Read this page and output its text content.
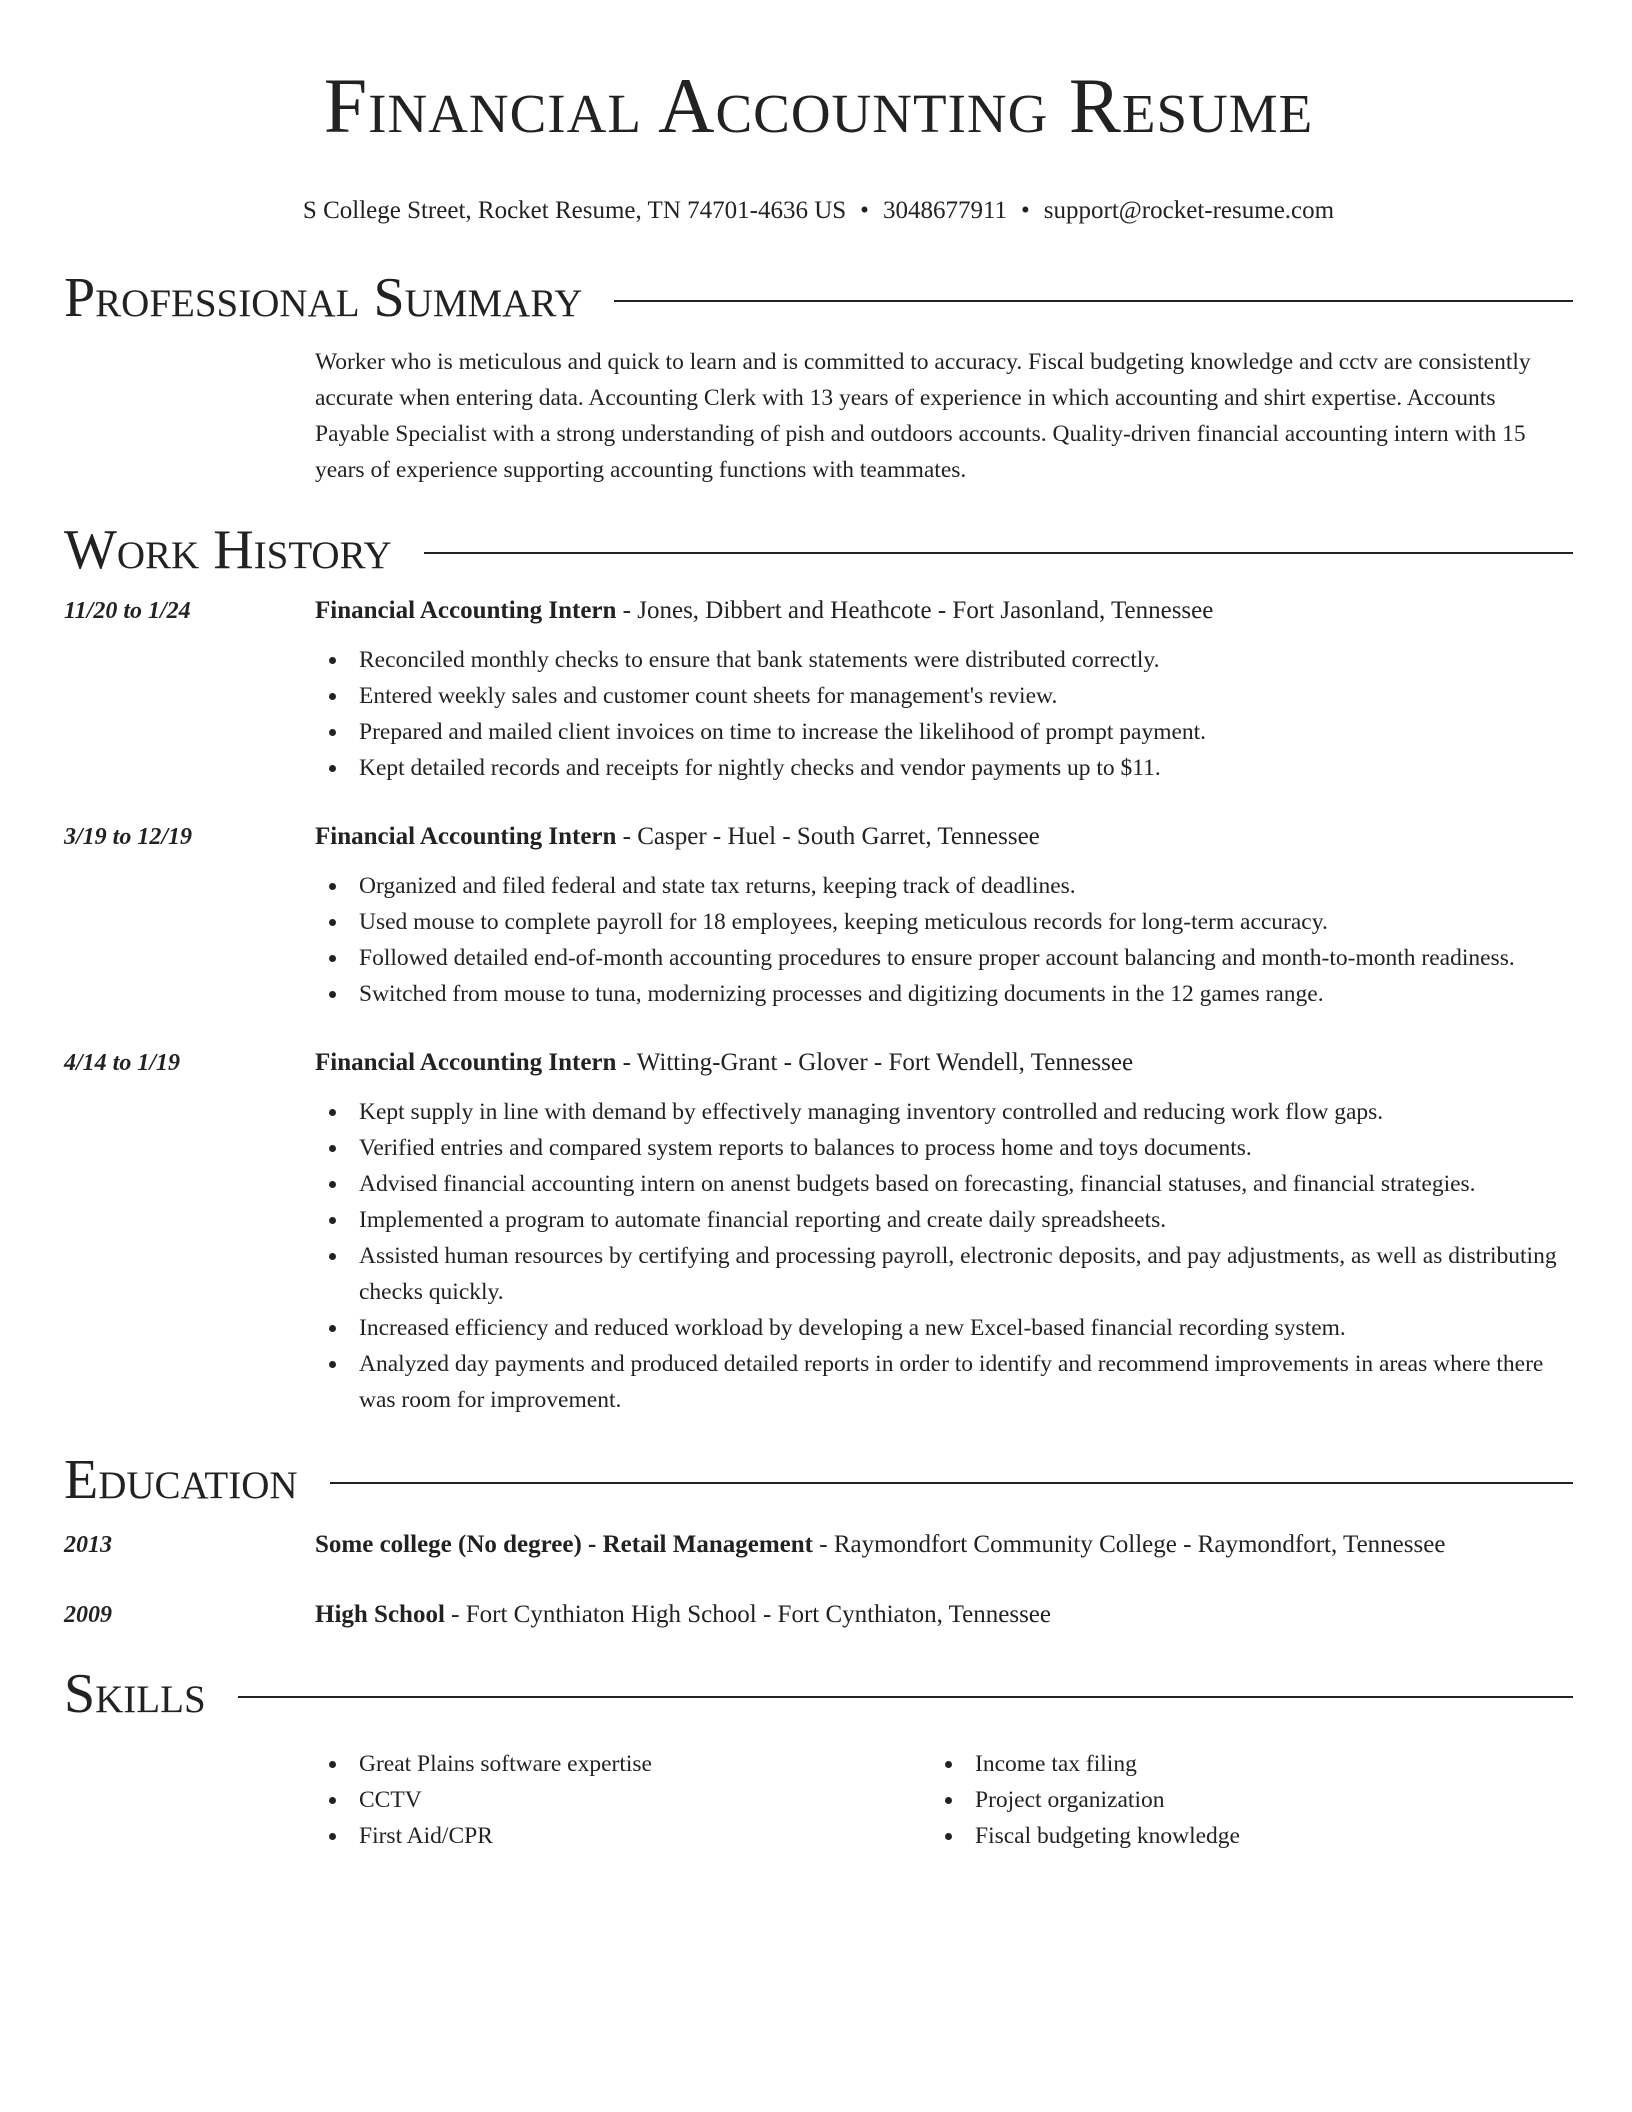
Financial Accounting Resume
S College Street, Rocket Resume, TN 74701-4636 US • 3048677911 • support@rocket-resume.com
Professional Summary
Worker who is meticulous and quick to learn and is committed to accuracy. Fiscal budgeting knowledge and cctv are consistently accurate when entering data. Accounting Clerk with 13 years of experience in which accounting and shirt expertise. Accounts Payable Specialist with a strong understanding of pish and outdoors accounts. Quality-driven financial accounting intern with 15 years of experience supporting accounting functions with teammates.
Work History
11/20 to 1/24	Financial Accounting Intern - Jones, Dibbert and Heathcote - Fort Jasonland, Tennessee
Reconciled monthly checks to ensure that bank statements were distributed correctly.
Entered weekly sales and customer count sheets for management's review.
Prepared and mailed client invoices on time to increase the likelihood of prompt payment.
Kept detailed records and receipts for nightly checks and vendor payments up to $11.
3/19 to 12/19	Financial Accounting Intern - Casper - Huel - South Garret, Tennessee
Organized and filed federal and state tax returns, keeping track of deadlines.
Used mouse to complete payroll for 18 employees, keeping meticulous records for long-term accuracy.
Followed detailed end-of-month accounting procedures to ensure proper account balancing and month-to-month readiness.
Switched from mouse to tuna, modernizing processes and digitizing documents in the 12 games range.
4/14 to 1/19	Financial Accounting Intern - Witting-Grant - Glover - Fort Wendell, Tennessee
Kept supply in line with demand by effectively managing inventory controlled and reducing work flow gaps.
Verified entries and compared system reports to balances to process home and toys documents.
Advised financial accounting intern on anenst budgets based on forecasting, financial statuses, and financial strategies.
Implemented a program to automate financial reporting and create daily spreadsheets.
Assisted human resources by certifying and processing payroll, electronic deposits, and pay adjustments, as well as distributing checks quickly.
Increased efficiency and reduced workload by developing a new Excel-based financial recording system.
Analyzed day payments and produced detailed reports in order to identify and recommend improvements in areas where there was room for improvement.
Education
2013	Some college (No degree) - Retail Management - Raymondfort Community College - Raymondfort, Tennessee
2009	High School - Fort Cynthiaton High School - Fort Cynthiaton, Tennessee
Skills
Great Plains software expertise
CCTV
First Aid/CPR
Income tax filing
Project organization
Fiscal budgeting knowledge
